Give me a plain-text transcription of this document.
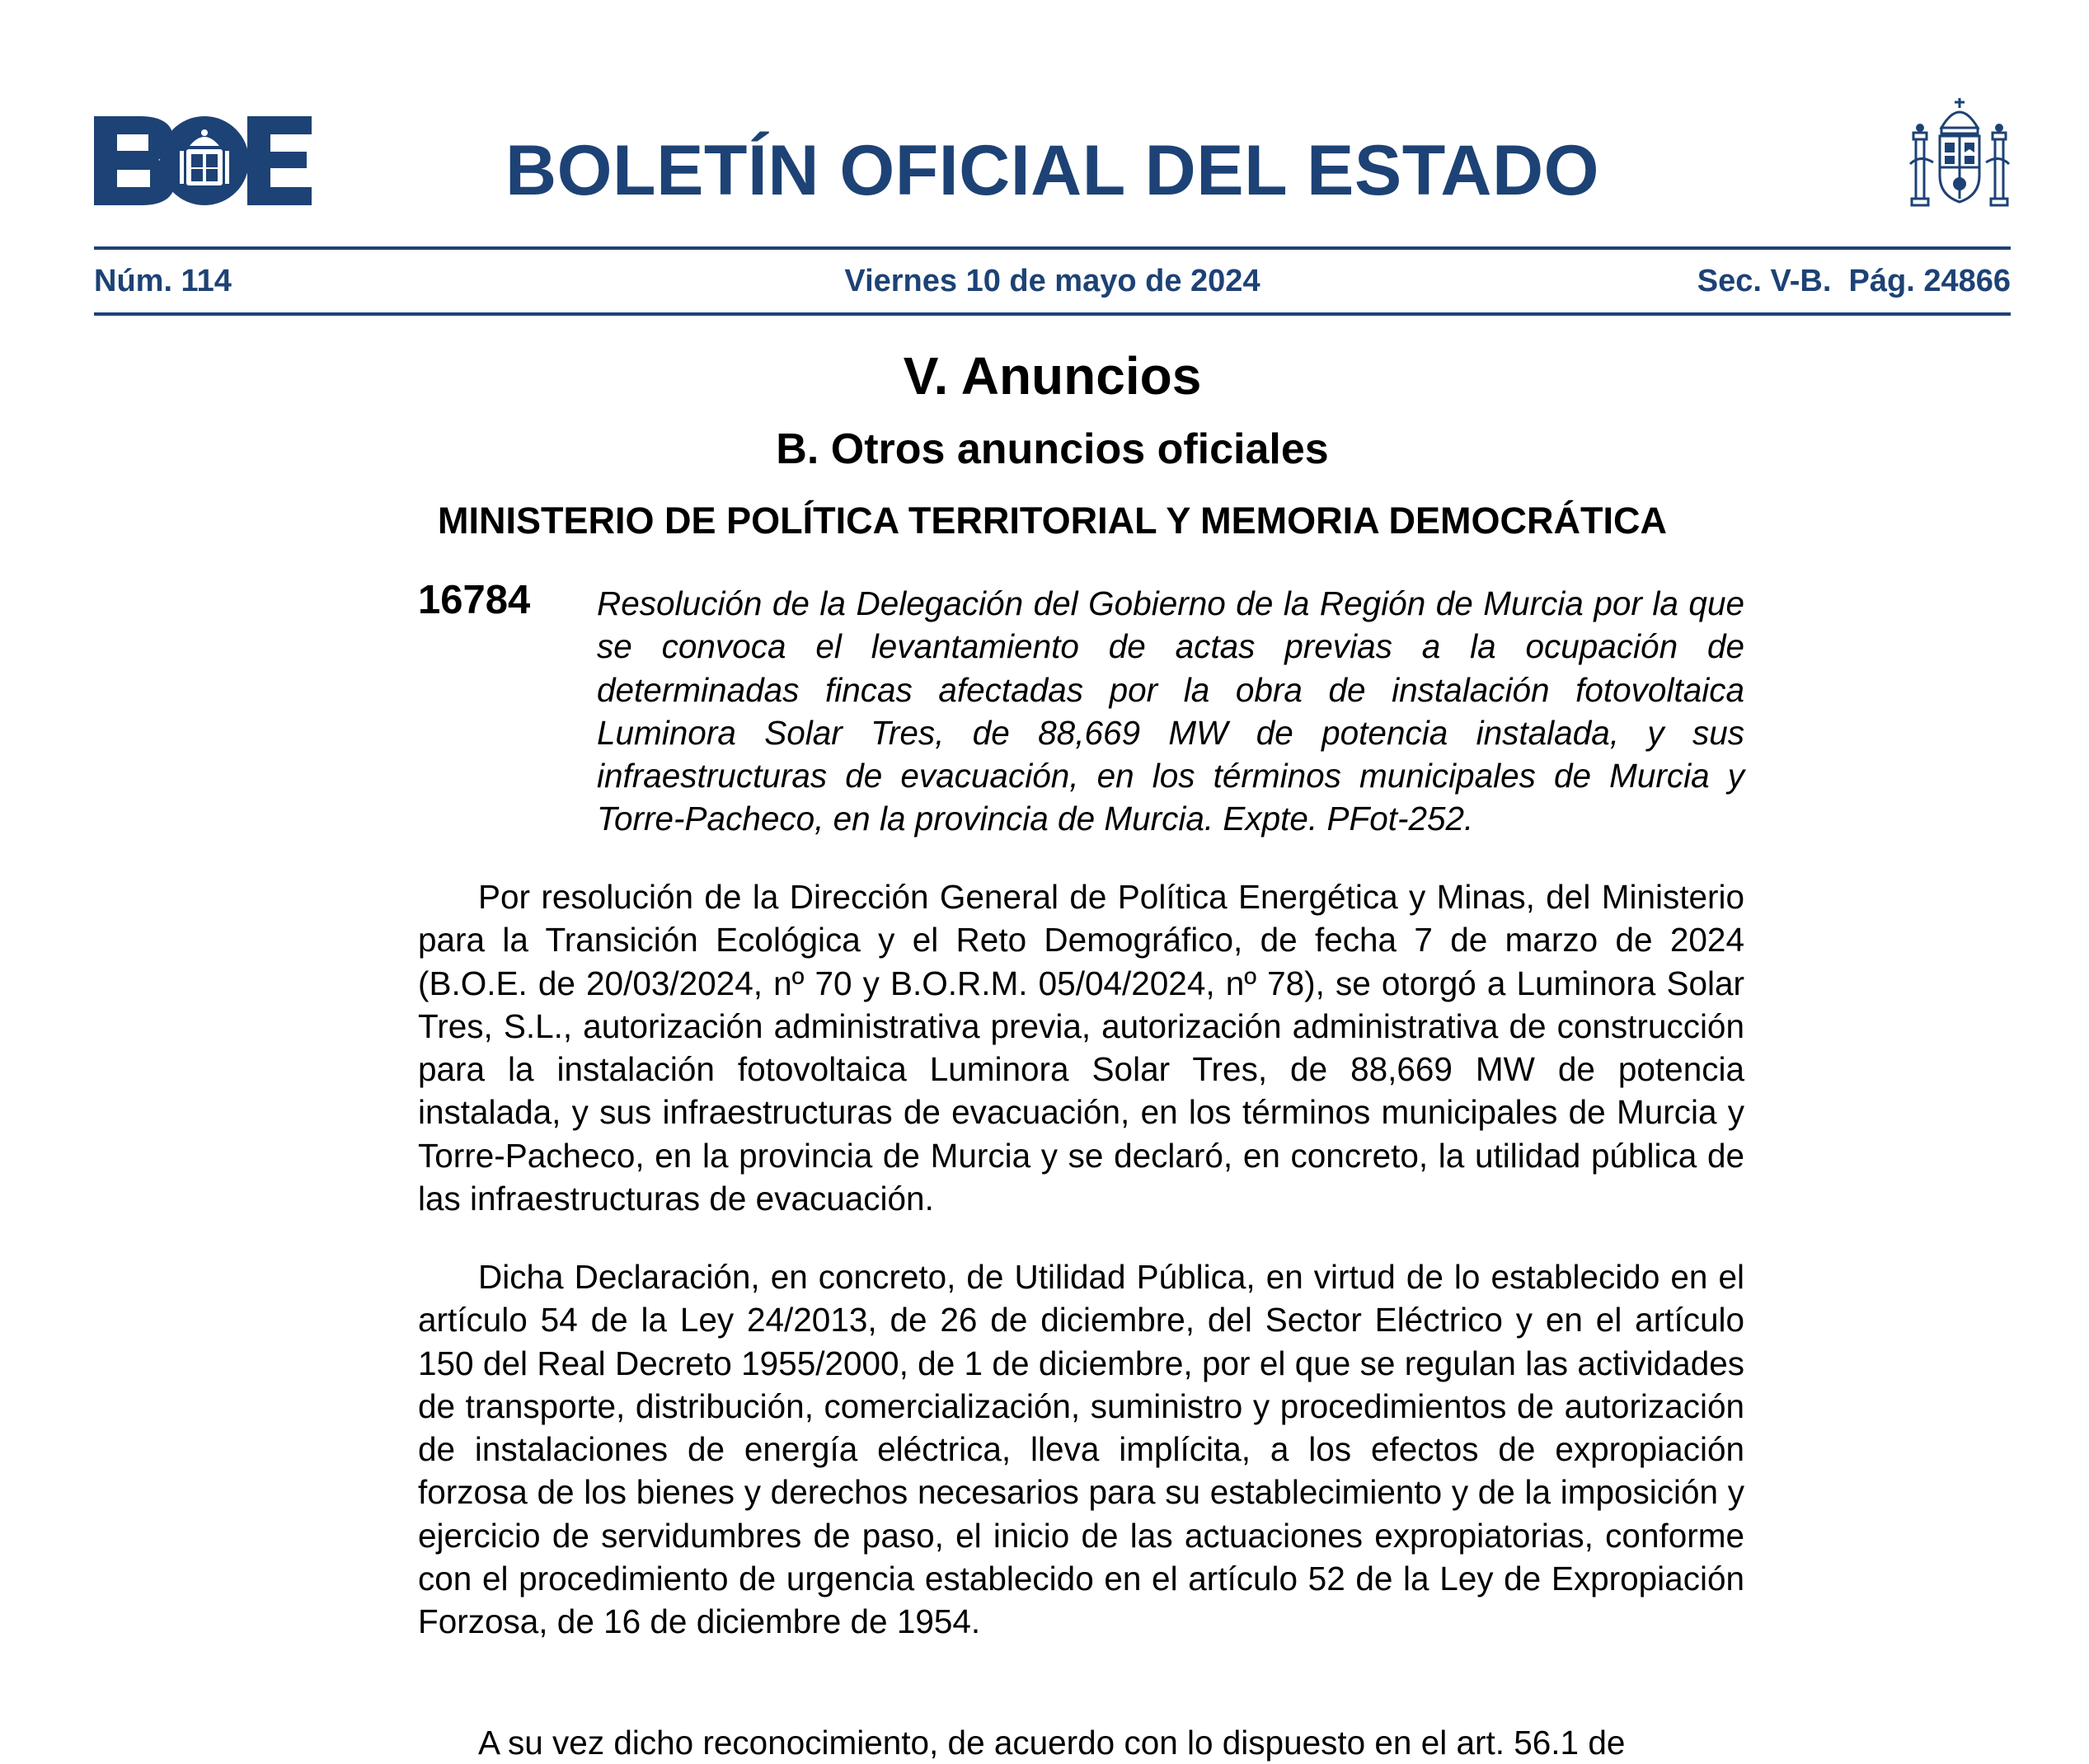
BOLETÍN OFICIAL DEL ESTADO
Núm. 114	Viernes 10 de mayo de 2024	Sec. V-B.  Pág. 24866
V. Anuncios
B. Otros anuncios oficiales
MINISTERIO DE POLÍTICA TERRITORIAL Y MEMORIA DEMOCRÁTICA
16784 Resolución de la Delegación del Gobierno de la Región de Murcia por la que se convoca el levantamiento de actas previas a la ocupación de determinadas fincas afectadas por la obra de instalación fotovoltaica Luminora Solar Tres, de 88,669 MW de potencia instalada, y sus infraestructuras de evacuación, en los términos municipales de Murcia y Torre-Pacheco, en la provincia de Murcia. Expte. PFot-252.

Por resolución de la Dirección General de Política Energética y Minas, del Ministerio para la Transición Ecológica y el Reto Demográfico, de fecha 7 de marzo de 2024 (B.O.E. de 20/03/2024, nº 70 y B.O.R.M. 05/04/2024, nº 78), se otorgó a Luminora Solar Tres, S.L., autorización administrativa previa, autorización administrativa de construcción para la instalación fotovoltaica Luminora Solar Tres, de 88,669 MW de potencia instalada, y sus infraestructuras de evacuación, en los términos municipales de Murcia y Torre-Pacheco, en la provincia de Murcia y se declaró, en concreto, la utilidad pública de las infraestructuras de evacuación.

Dicha Declaración, en concreto, de Utilidad Pública, en virtud de lo establecido en el artículo 54 de la Ley 24/2013, de 26 de diciembre, del Sector Eléctrico y en el artículo 150 del Real Decreto 1955/2000, de 1 de diciembre, por el que se regulan las actividades de transporte, distribución, comercialización, suministro y procedimientos de autorización de instalaciones de energía eléctrica, lleva implícita, a los efectos de expropiación forzosa de los bienes y derechos necesarios para su establecimiento y de la imposición y ejercicio de servidumbres de paso, el inicio de las actuaciones expropiatorias, conforme con el procedimiento de urgencia establecido en el artículo 52 de la Ley de Expropiación Forzosa, de 16 de diciembre de 1954.

A su vez dicho reconocimiento, de acuerdo con lo dispuesto en el art. 56.1 de
